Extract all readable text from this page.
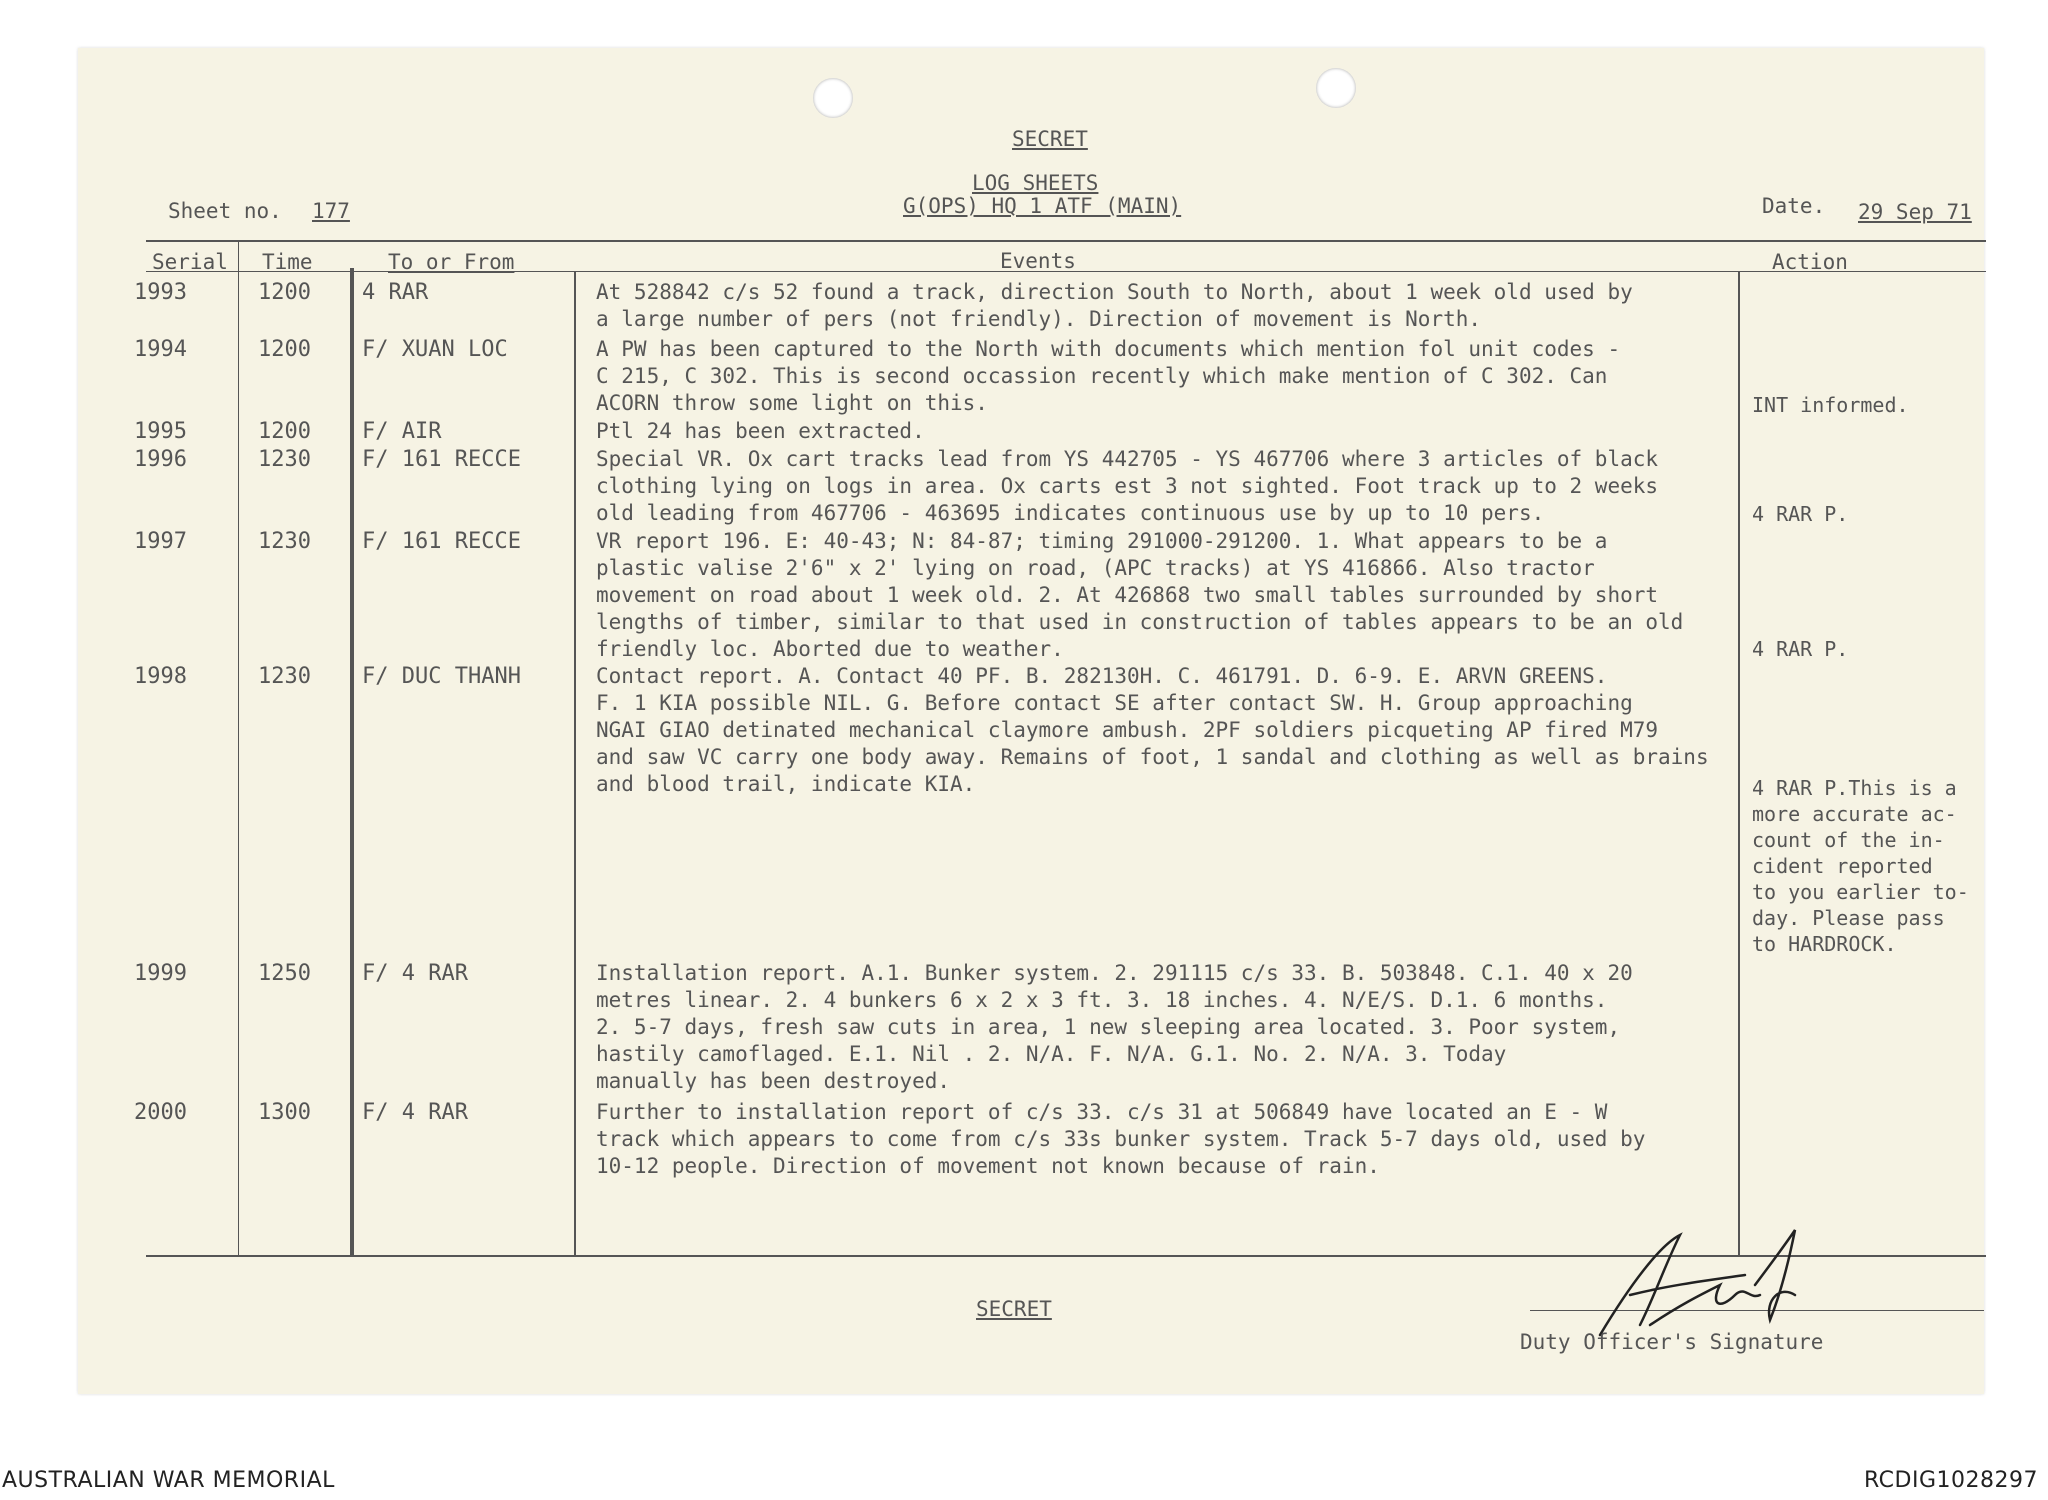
SECRET
LOG SHEETS
G(OPS) HQ 1 ATF (MAIN)
Sheet no. 177	Date. 29 Sep 71
Serial Time	To or From	Events	Action
1993	1200 4 RAR	At 528842 c/s 52 found a track, direction South to North, about 1 week old used by
a large number of pers (not friendly). Direction of movement is North.
1994	1200 F/ XUAN LOC	A PW has been captured to the North with documents which mention fol unit codes -
C 215, C 302. This is second occassion recently which make mention of C 302. Can
ACORN throw some light on this.	INT informed.
1995	1200 F/ AIR	Ptl 24 has been extracted.
1996	1230 F/ 161 RECCE	Special VR. Ox cart tracks lead from YS 442705 - YS 467706 where 3 articles of black
clothing lying on logs in area. Ox carts est 3 not sighted. Foot track up to 2 weeks
old leading from 467706 - 463695 indicates continuous use by up to 10 pers.	4 RAR P.
1997	1230 F/ 161 RECCE	VR report 196. E: 40-43; N: 84-87; timing 291000-291200. 1. What appears to be a
plastic valise 2'6" x 2' lying on road, (APC tracks) at YS 416866. Also tractor
movement on road about 1 week old. 2. At 426868 two small tables surrounded by short
lengths of timber, similar to that used in construction of tables appears to be an old
friendly loc. Aborted due to weather.	4 RAR P.
1998	1230 F/ DUC THANH	Contact report. A. Contact 40 PF. B. 282130H. C. 461791. D. 6-9. E. ARVN GREENS.
F. 1 KIA possible NIL. G. Before contact SE after contact SW. H. Group approaching
NGAI GIAO detinated mechanical claymore ambush. 2PF soldiers picqueting AP fired M79
and saw VC carry one body away. Remains of foot, 1 sandal and clothing as well as brains
and blood trail, indicate KIA.	4 RAR P.This is a
more accurate ac-
count of the in-
cident reported
to you earlier to-
day. Please pass
to HARDROCK.
1999	1250 F/ 4 RAR	Installation report. A.1. Bunker system. 2. 291115 c/s 33. B. 503848. C.1. 40 x 20
metres linear. 2. 4 bunkers 6 x 2 x 3 ft. 3. 18 inches. 4. N/E/S. D.1. 6 months.
2. 5-7 days, fresh saw cuts in area, 1 new sleeping area located. 3. Poor system,
hastily camoflaged. E.1. Nil . 2. N/A. F. N/A. G.1. No. 2. N/A. 3. Today
manually has been destroyed.
2000	1300 F/ 4 RAR	Further to installation report of c/s 33. c/s 31 at 506849 have located an E - W
track which appears to come from c/s 33s bunker system. Track 5-7 days old, used by
10-12 people. Direction of movement not known because of rain.
SECRET
Duty Officer's Signature
AUSTRALIAN WAR MEMORIAL	RCDIG1028297
